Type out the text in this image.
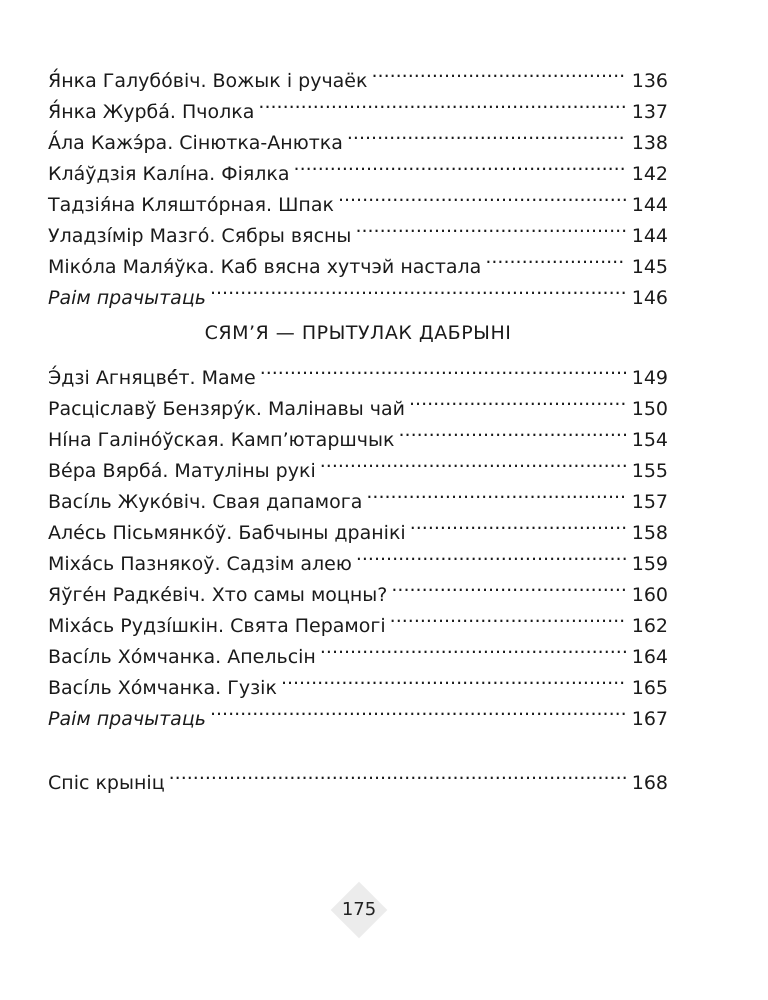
Я́нка Галубо́віч. Вожык і ручаёк .....	136
Я́нка Журба́. Пчолка .....	137
А́ла Кажэ́ра. Сінютка-Анютка .....	138
Кла́ўдзія Калі́на. Фіялка .....	142
Тадзія́на Кляшто́рная. Шпак .....	144
Уладзі́мір Мазго́. Сябры вясны .....	144
Міко́ла Маля́ўка. Каб вясна хутчэй настала .....	145
Раім прачытаць .....	146
СЯМ’Я — ПРЫТУЛАК ДАБРЫНІ
Э́дзі Агняцвé́т. Маме .....	149
Расціславў Бензяру́к. Малінавы чай .....	150
Ні́на Галіно́ўская. Камп’ютаршчык .....	154
Ве́ра Вярба́. Матуліны рукі .....	155
Васі́ль Жуко́віч. Свая дапамога .....	157
Але́сь Пісьмянко́ў. Бабчыны дранікі .....	158
Міха́сь Пазнякоў. Садзім алею .....	159
Яўге́н Радке́віч. Хто самы моцны? .....	160
Міха́сь Рудзі́шкін. Свята Перамогі .....	162
Васі́ль Хо́мчанка. Апельсін .....	164
Васі́ль Хо́мчанка. Гузік .....	165
Раім прачытаць .....	167
Спіс крыніц .....	168
175
